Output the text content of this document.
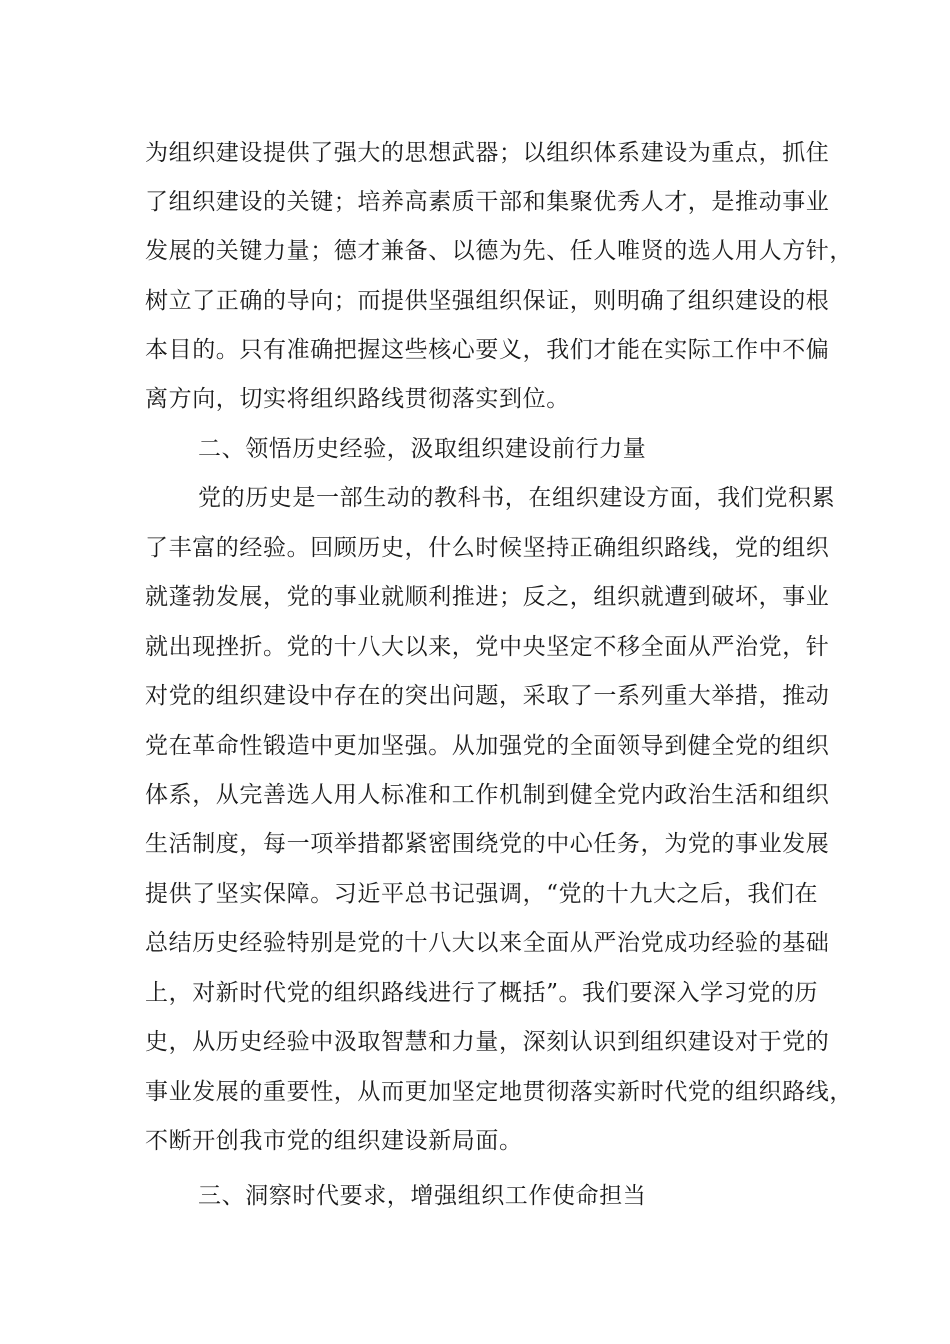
为组织建设提供了强大的思想武器；以组织体系建设为重点，抓住
了组织建设的关键；培养高素质干部和集聚优秀人才，是推动事业
发展的关键力量；德才兼备、以德为先、任人唯贤的选人用人方针，
树立了正确的导向；而提供坚强组织保证，则明确了组织建设的根
本目的。只有准确把握这些核心要义，我们才能在实际工作中不偏
离方向，切实将组织路线贯彻落实到位。
二、领悟历史经验，汲取组织建设前行力量
党的历史是一部生动的教科书，在组织建设方面，我们党积累
了丰富的经验。回顾历史，什么时候坚持正确组织路线，党的组织
就蓬勃发展，党的事业就顺利推进；反之，组织就遭到破坏，事业
就出现挫折。党的十八大以来，党中央坚定不移全面从严治党，针
对党的组织建设中存在的突出问题，采取了一系列重大举措，推动
党在革命性锻造中更加坚强。从加强党的全面领导到健全党的组织
体系，从完善选人用人标准和工作机制到健全党内政治生活和组织
生活制度，每一项举措都紧密围绕党的中心任务，为党的事业发展
提供了坚实保障。习近平总书记强调，“党的十九大之后，我们在
总结历史经验特别是党的十八大以来全面从严治党成功经验的基础
上，对新时代党的组织路线进行了概括”。我们要深入学习党的历
史，从历史经验中汲取智慧和力量，深刻认识到组织建设对于党的
事业发展的重要性，从而更加坚定地贯彻落实新时代党的组织路线，
不断开创我市党的组织建设新局面。
三、洞察时代要求，增强组织工作使命担当
